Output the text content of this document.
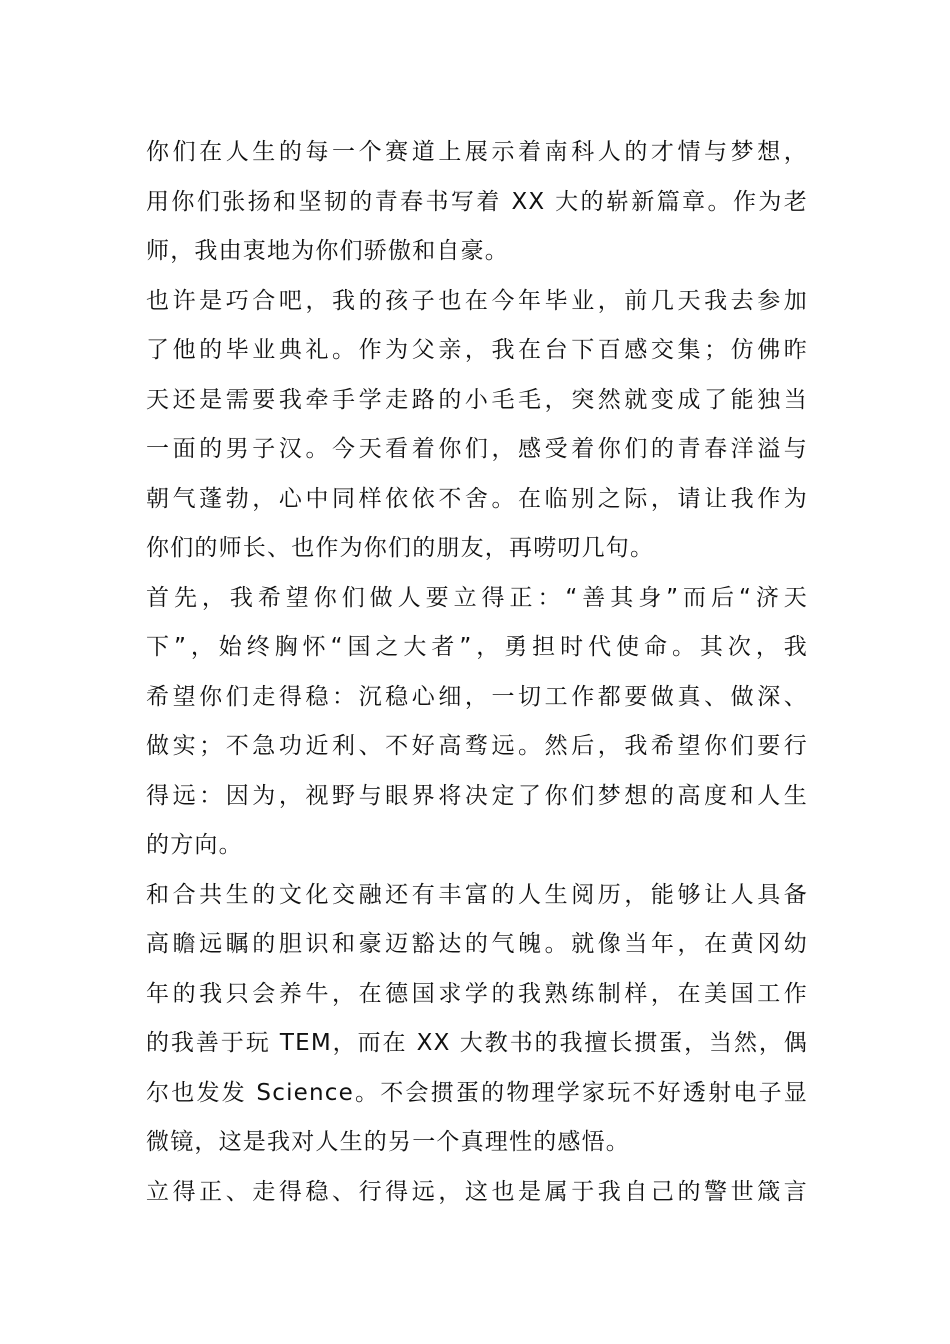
你们在人生的每一个赛道上展示着南科人的才情与梦想，
用你们张扬和坚韧的青春书写着 XX 大的崭新篇章。作为老
师，我由衷地为你们骄傲和自豪。
也许是巧合吧，我的孩子也在今年毕业，前几天我去参加
了他的毕业典礼。作为父亲，我在台下百感交集；仿佛昨
天还是需要我牵手学走路的小毛毛，突然就变成了能独当
一面的男子汉。今天看着你们，感受着你们的青春洋溢与
朝气蓬勃，心中同样依依不舍。在临别之际，请让我作为
你们的师长、也作为你们的朋友，再唠叨几句。
首先，我希望你们做人要立得正：“善其身”而后“济天
下”，始终胸怀“国之大者”，勇担时代使命。其次，我
希望你们走得稳：沉稳心细，一切工作都要做真、做深、
做实；不急功近利、不好高骛远。然后，我希望你们要行
得远：因为，视野与眼界将决定了你们梦想的高度和人生
的方向。
和合共生的文化交融还有丰富的人生阅历，能够让人具备
高瞻远瞩的胆识和豪迈豁达的气魄。就像当年，在黄冈幼
年的我只会养牛，在德国求学的我熟练制样，在美国工作
的我善于玩 TEM，而在 XX 大教书的我擅长掼蛋，当然，偶
尔也发发 Science。不会掼蛋的物理学家玩不好透射电子显
微镜，这是我对人生的另一个真理性的感悟。
立得正、走得稳、行得远，这也是属于我自己的警世箴言
